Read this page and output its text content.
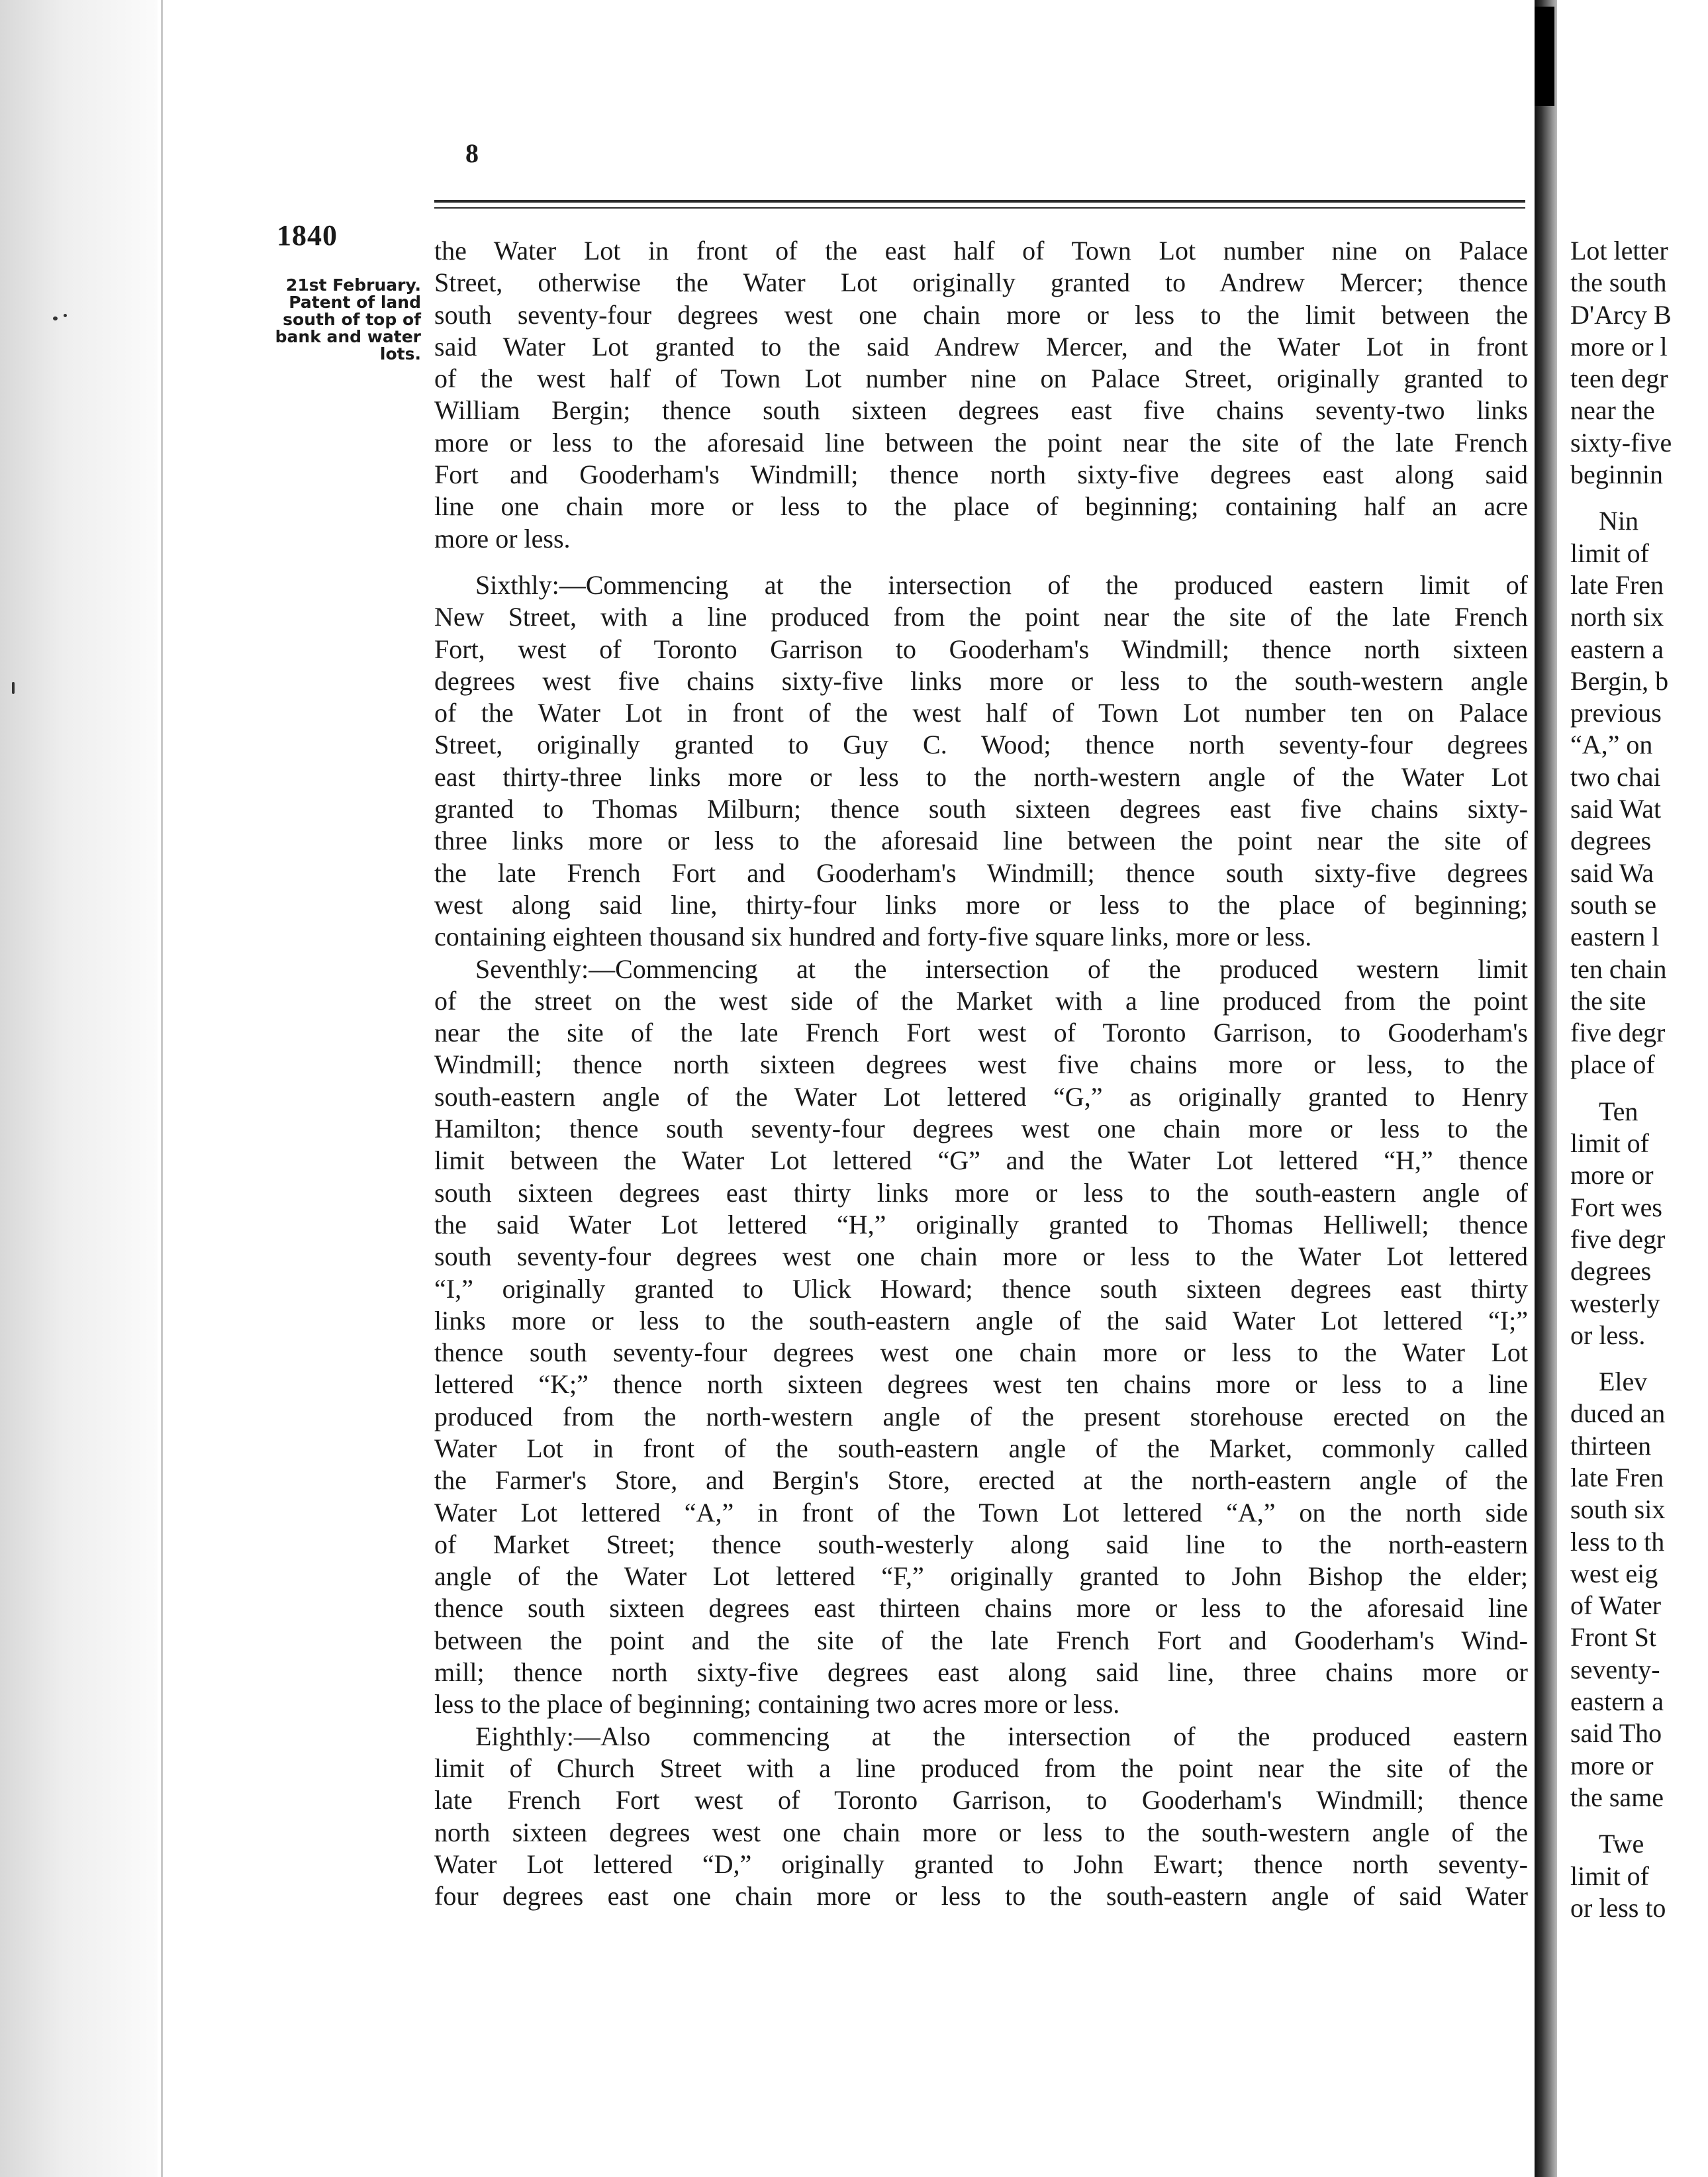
8
1840
21st February.
Patent of land
south of top of
bank and water
lots.
the Water Lot in front of the east half of Town Lot number nine on Palace
Street, otherwise the Water Lot originally granted to Andrew Mercer; thence
south seventy-four degrees west one chain more or less to the limit between the
said Water Lot granted to the said Andrew Mercer, and the Water Lot in front
of the west half of Town Lot number nine on Palace Street, originally granted to
William Bergin; thence south sixteen degrees east five chains seventy-two links
more or less to the aforesaid line between the point near the site of the late French
Fort and Gooderham's Windmill; thence north sixty-five degrees east along said
line one chain more or less to the place of beginning; containing half an acre
more or less.
Sixthly:—Commencing at the intersection of the produced eastern limit of
New Street, with a line produced from the point near the site of the late French
Fort, west of Toronto Garrison to Gooderham's Windmill; thence north sixteen
degrees west five chains sixty-five links more or less to the south-western angle
of the Water Lot in front of the west half of Town Lot number ten on Palace
Street, originally granted to Guy C. Wood; thence north seventy-four degrees
east thirty-three links more or less to the north-western angle of the Water Lot
granted to Thomas Milburn; thence south sixteen degrees east five chains sixty-
three links more or less to the aforesaid line between the point near the site of
the late French Fort and Gooderham's Windmill; thence south sixty-five degrees
west along said line, thirty-four links more or less to the place of beginning;
containing eighteen thousand six hundred and forty-five square links, more or less.
Seventhly:—Commencing at the intersection of the produced western limit
of the street on the west side of the Market with a line produced from the point
near the site of the late French Fort west of Toronto Garrison, to Gooderham's
Windmill; thence north sixteen degrees west five chains more or less, to the
south-eastern angle of the Water Lot lettered “G,” as originally granted to Henry
Hamilton; thence south seventy-four degrees west one chain more or less to the
limit between the Water Lot lettered “G” and the Water Lot lettered “H,” thence
south sixteen degrees east thirty links more or less to the south-eastern angle of
the said Water Lot lettered “H,” originally granted to Thomas Helliwell; thence
south seventy-four degrees west one chain more or less to the Water Lot lettered
“I,” originally granted to Ulick Howard; thence south sixteen degrees east thirty
links more or less to the south-eastern angle of the said Water Lot lettered “I;”
thence south seventy-four degrees west one chain more or less to the Water Lot
lettered “K;” thence north sixteen degrees west ten chains more or less to a line
produced from the north-western angle of the present storehouse erected on the
Water Lot in front of the south-eastern angle of the Market, commonly called
the Farmer's Store, and Bergin's Store, erected at the north-eastern angle of the
Water Lot lettered “A,” in front of the Town Lot lettered “A,” on the north side
of Market Street; thence south-westerly along said line to the north-eastern
angle of the Water Lot lettered “F,” originally granted to John Bishop the elder;
thence south sixteen degrees east thirteen chains more or less to the aforesaid line
between the point and the site of the late French Fort and Gooderham's Wind-
mill; thence north sixty-five degrees east along said line, three chains more or
less to the place of beginning; containing two acres more or less.
Eighthly:—Also commencing at the intersection of the produced eastern
limit of Church Street with a line produced from the point near the site of the
late French Fort west of Toronto Garrison, to Gooderham's Windmill; thence
north sixteen degrees west one chain more or less to the south-western angle of the
Water Lot lettered “D,” originally granted to John Ewart; thence north seventy-
four degrees east one chain more or less to the south-eastern angle of said Water
Lot letter
the south
D'Arcy B
more or l
teen degr
near the
sixty-five
beginnin
Nin
limit of
late Fren
north six
eastern a
Bergin, b
previous
“A,” on
two chai
said Wat
degrees
said Wa
south se
eastern l
ten chain
the site
five degr
place of
Ten
limit of
more or
Fort wes
five degr
degrees
westerly
or less.
Elev
duced an
thirteen
late Fren
south six
less to th
west eig
of Water
Front St
seventy-
eastern a
said Tho
more or
the same
Twe
limit of
or less to
